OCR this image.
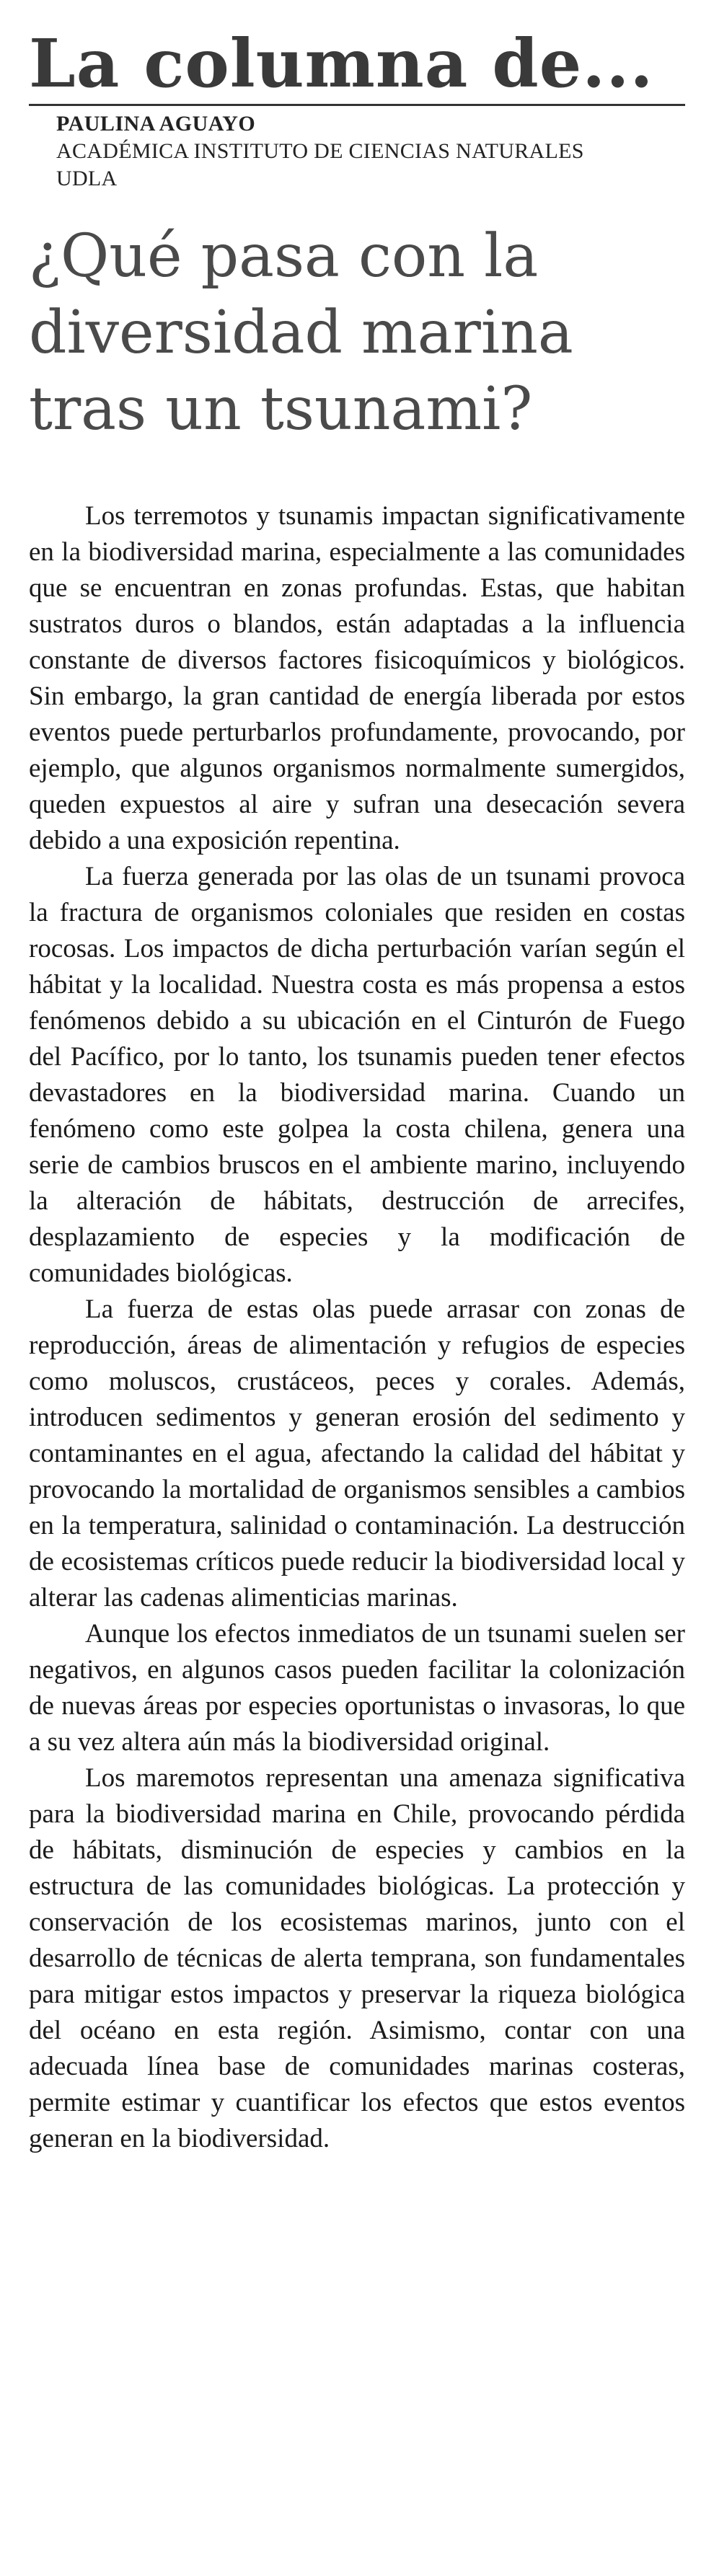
La columna de...
PAULINA AGUAYO
ACADÉMICA INSTITUTO DE CIENCIAS NATURALES
UDLA
¿Qué pasa con la
diversidad marina
tras un tsunami?

Los terremotos y tsunamis impactan significativamente en la biodiversidad marina, especialmente a las comunidades que se encuentran en zonas profundas. Estas, que habitan sustratos duros o blandos, están adaptadas a la influencia constante de diversos factores fisicoquímicos y biológicos. Sin embargo, la gran cantidad de energía liberada por estos eventos puede perturbarlos profundamente, provocando, por ejemplo, que algunos organismos normalmente sumergidos, queden expuestos al aire y sufran una desecación severa debido a una exposición repentina.

La fuerza generada por las olas de un tsunami provoca la fractura de organismos coloniales que residen en costas rocosas. Los impactos de dicha perturbación varían según el hábitat y la localidad. Nuestra costa es más propensa a estos fenómenos debido a su ubicación en el Cinturón de Fuego del Pacífico, por lo tanto, los tsunamis pueden tener efectos devastadores en la biodiversidad marina. Cuando un fenómeno como este golpea la costa chilena, genera una serie de cambios bruscos en el ambiente marino, incluyendo la alteración de hábitats, destrucción de arrecifes, desplazamiento de especies y la modificación de comunidades biológicas.

La fuerza de estas olas puede arrasar con zonas de reproducción, áreas de alimentación y refugios de especies como moluscos, crustáceos, peces y corales. Además, introducen sedimentos y generan erosión del sedimento y contaminantes en el agua, afectando la calidad del hábitat y provocando la mortalidad de organismos sensibles a cambios en la temperatura, salinidad o contaminación. La destrucción de ecosistemas críticos puede reducir la biodiversidad local y alterar las cadenas alimenticias marinas.

Aunque los efectos inmediatos de un tsunami suelen ser negativos, en algunos casos pueden facilitar la colonización de nuevas áreas por especies oportunistas o invasoras, lo que a su vez altera aún más la biodiversidad original.

Los maremotos representan una amenaza significativa para la biodiversidad marina en Chile, provocando pérdida de hábitats, disminución de especies y cambios en la estructura de las comunidades biológicas. La protección y conservación de los ecosistemas marinos, junto con el desarrollo de técnicas de alerta temprana, son fundamentales para mitigar estos impactos y preservar la riqueza biológica del océano en esta región. Asimismo, contar con una adecuada línea base de comunidades marinas costeras, permite estimar y cuantificar los efectos que estos eventos generan en la biodiversidad.
